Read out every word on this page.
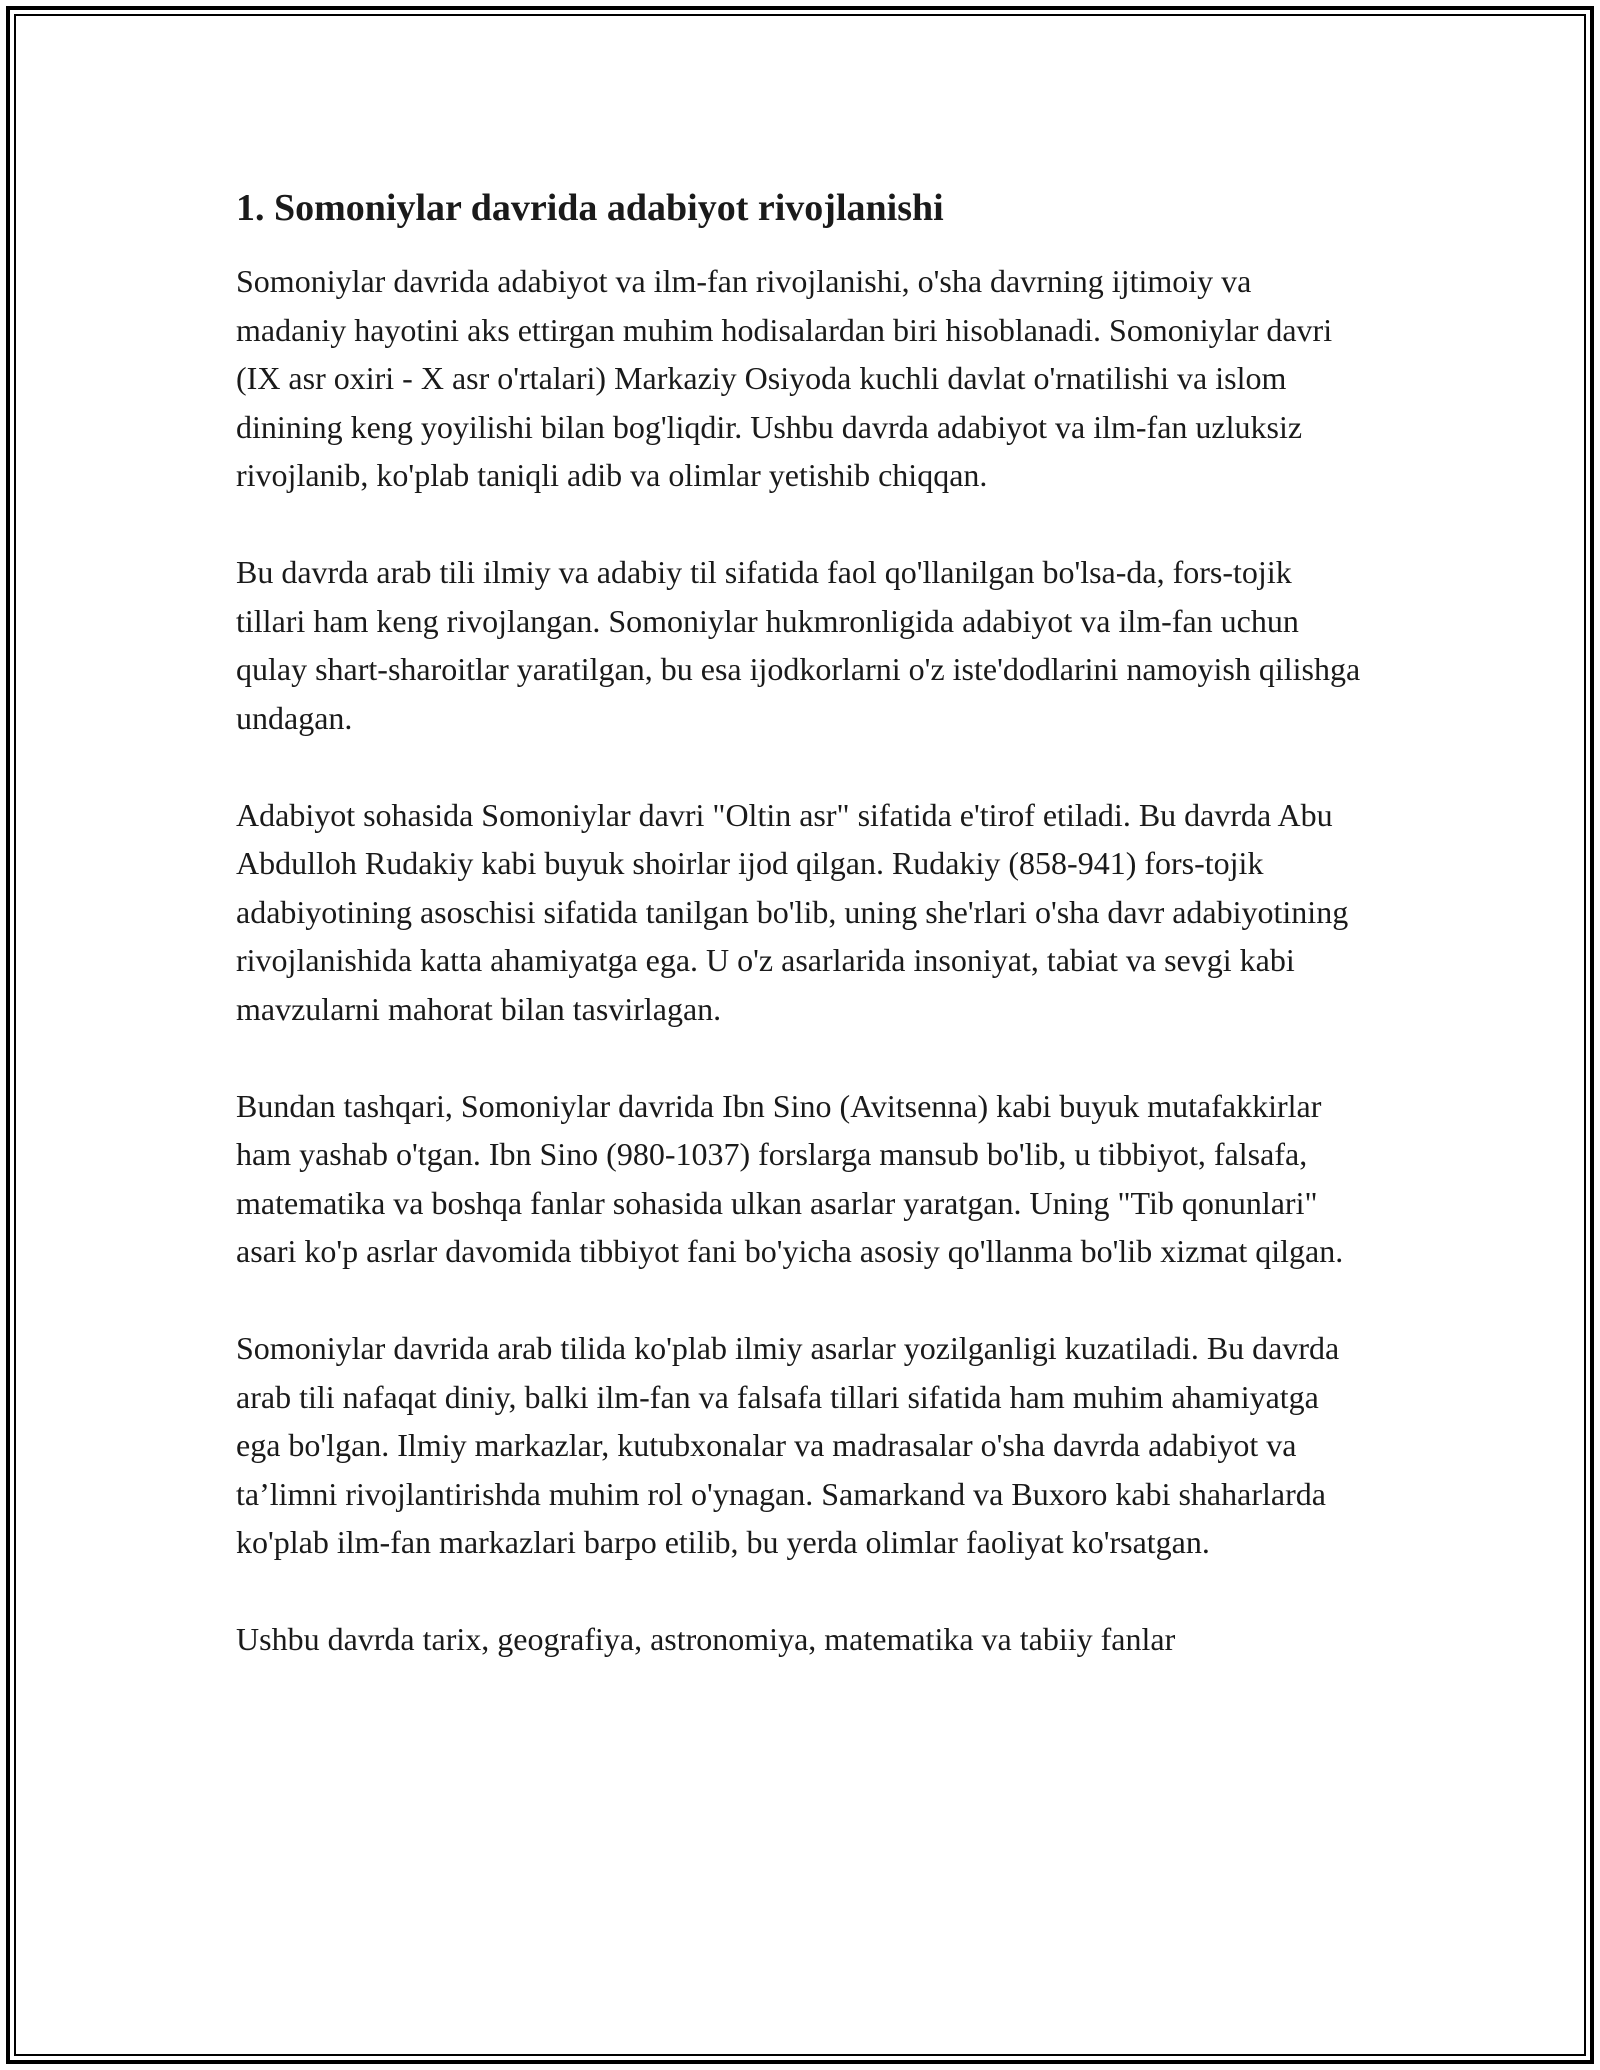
1. Somoniylar davrida adabiyot rivojlanishi

Somoniylar davrida adabiyot va ilm-fan rivojlanishi, o'sha davrning ijtimoiy va madaniy hayotini aks ettirgan muhim hodisalardan biri hisoblanadi. Somoniylar davri (IX asr oxiri - X asr o'rtalari) Markaziy Osiyoda kuchli davlat o'rnatilishi va islom dinining keng yoyilishi bilan bog'liqdir. Ushbu davrda adabiyot va ilm-fan uzluksiz rivojlanib, ko'plab taniqli adib va olimlar yetishib chiqqan.

Bu davrda arab tili ilmiy va adabiy til sifatida faol qo'llanilgan bo'lsa-da, fors-tojik tillari ham keng rivojlangan. Somoniylar hukmronligida adabiyot va ilm-fan uchun qulay shart-sharoitlar yaratilgan, bu esa ijodkorlarni o'z iste'dodlarini namoyish qilishga undagan.

Adabiyot sohasida Somoniylar davri "Oltin asr" sifatida e'tirof etiladi. Bu davrda Abu Abdulloh Rudakiy kabi buyuk shoirlar ijod qilgan. Rudakiy (858-941) fors-tojik adabiyotining asoschisi sifatida tanilgan bo'lib, uning she'rlari o'sha davr adabiyotining rivojlanishida katta ahamiyatga ega. U o'z asarlarida insoniyat, tabiat va sevgi kabi mavzularni mahorat bilan tasvirlagan.

Bundan tashqari, Somoniylar davrida Ibn Sino (Avitsenna) kabi buyuk mutafakkirlar ham yashab o'tgan. Ibn Sino (980-1037) forslarga mansub bo'lib, u tibbiyot, falsafa, matematika va boshqa fanlar sohasida ulkan asarlar yaratgan. Uning "Tib qonunlari" asari ko'p asrlar davomida tibbiyot fani bo'yicha asosiy qo'llanma bo'lib xizmat qilgan.

Somoniylar davrida arab tilida ko'plab ilmiy asarlar yozilganligi kuzatiladi. Bu davrda arab tili nafaqat diniy, balki ilm-fan va falsafa tillari sifatida ham muhim ahamiyatga ega bo'lgan. Ilmiy markazlar, kutubxonalar va madrasalar o'sha davrda adabiyot va ta’limni rivojlantirishda muhim rol o'ynagan. Samarkand va Buxoro kabi shaharlarda ko'plab ilm-fan markazlari barpo etilib, bu yerda olimlar faoliyat ko'rsatgan.

Ushbu davrda tarix, geografiya, astronomiya, matematika va tabiiy fanlar
